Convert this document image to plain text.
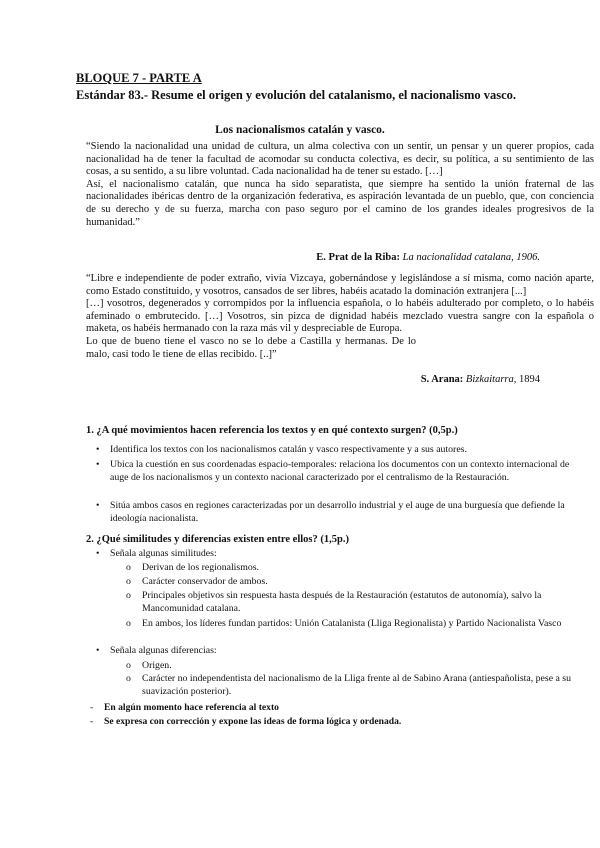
BLOQUE 7 - PARTE A
Estándar 83.- Resume el origen y evolución del catalanismo, el nacionalismo vasco.
Los nacionalismos catalán y vasco.

“Siendo la nacionalidad una unidad de cultura, un alma colectiva con un sentir, un pensar y un querer propios, cada nacionalidad ha de tener la facultad de acomodar su conducta colectiva, es decir, su política, a su sentimiento de las cosas, a su sentido, a su libre voluntad. Cada nacionalidad ha de tener su estado. […]

Así, el nacionalismo catalán, que nunca ha sido separatista, que siempre ha sentido la unión fraternal de las nacionalidades ibéricas dentro de la organización federativa, es aspiración levantada de un pueblo, que, con conciencia de su derecho y de su fuerza, marcha con paso seguro por el camino de los grandes ideales progresivos de la humanidad.”

E. Prat de la Riba: La nacionalidad catalana, 1906.

“Libre e independiente de poder extraño, vivía Vizcaya, gobernándose y legislándose a sí misma, como nación aparte, como Estado constituido, y vosotros, cansados de ser libres, habéis acatado la dominación extranjera [...]

[…] vosotros, degenerados y corrompidos por la influencia española, o lo habéis adulterado por completo, o lo habéis afeminado o embrutecido. […] Vosotros, sin pizca de dignidad habéis mezclado vuestra sangre con la española o maketa, os habéis hermanado con la raza más vil y despreciable de Europa.

Lo que de bueno tiene el vasco no se lo debe a Castilla y hermanas. De lo malo, casi todo le tiene de ellas recibido. [..]”

S. Arana: Bizkaitarra, 1894
1. ¿A qué movimientos hacen referencia los textos y en qué contexto surgen? (0,5p.)
• Identifica los textos con los nacionalismos catalán y vasco respectivamente y a sus autores.
• Ubica la cuestión en sus coordenadas espacio-temporales: relaciona los documentos con un contexto internacional de auge de los nacionalismos y un contexto nacional caracterizado por el centralismo de la Restauración.
• Sitúa ambos casos en regiones caracterizadas por un desarrollo industrial y el auge de una burguesía que defiende la ideología nacionalista.
2. ¿Qué similitudes y diferencias existen entre ellos? (1,5p.)
• Señala algunas similitudes:
o Derivan de los regionalismos.
o Carácter conservador de ambos.
o Principales objetivos sin respuesta hasta después de la Restauración (estatutos de autonomía), salvo la Mancomunidad catalana.
o En ambos, los líderes fundan partidos: Unión Catalanista (Lliga Regionalista) y Partido Nacionalista Vasco
• Señala algunas diferencias:
o Origen.
o Carácter no independentista del nacionalismo de la Lliga frente al de Sabino Arana (antiespañolista, pese a su suavización posterior).
- En algún momento hace referencia al texto
- Se expresa con corrección y expone las ideas de forma lógica y ordenada.
